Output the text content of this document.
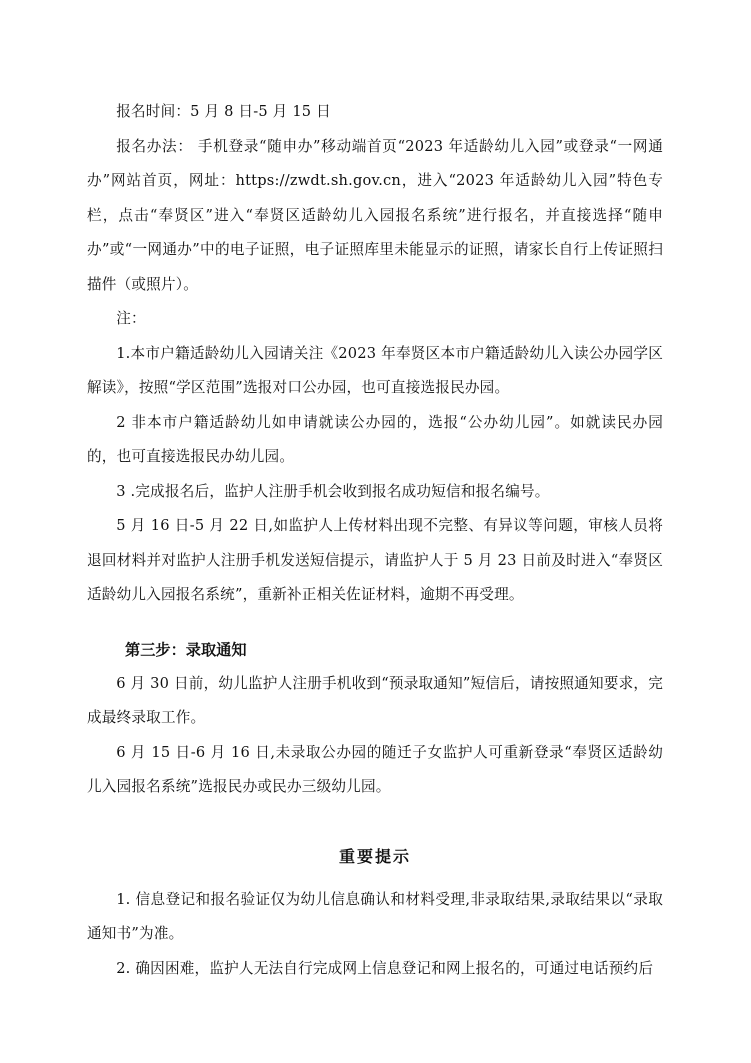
报名时间：5 月 8 日-5 月 15 日

报名办法： 手机登录“随申办”移动端首页“2023 年适龄幼儿入园”或登录“一网通办”网站首页，网址：https://zwdt.sh.gov.cn，进入“2023 年适龄幼儿入园”特色专栏，点击“奉贤区”进入“奉贤区适龄幼儿入园报名系统”进行报名，并直接选择“随申办”或“一网通办”中的电子证照，电子证照库里未能显示的证照，请家长自行上传证照扫描件（或照片）。

注：

1.本市户籍适龄幼儿入园请关注《2023 年奉贤区本市户籍适龄幼儿入读公办园学区解读》，按照“学区范围”选报对口公办园，也可直接选报民办园。

2 非本市户籍适龄幼儿如申请就读公办园的，选报“公办幼儿园”。如就读民办园的，也可直接选报民办幼儿园。

3 .完成报名后，监护人注册手机会收到报名成功短信和报名编号。

5 月 16 日-5 月 22 日,如监护人上传材料出现不完整、有异议等问题，审核人员将退回材料并对监护人注册手机发送短信提示，请监护人于 5 月 23 日前及时进入“奉贤区适龄幼儿入园报名系统”，重新补正相关佐证材料，逾期不再受理。

第三步：录取通知

6 月 30 日前，幼儿监护人注册手机收到“预录取通知”短信后，请按照通知要求，完成最终录取工作。

6 月 15 日-6 月 16 日,未录取公办园的随迁子女监护人可重新登录“奉贤区适龄幼儿入园报名系统”选报民办或民办三级幼儿园。

重要提示

1. 信息登记和报名验证仅为幼儿信息确认和材料受理,非录取结果,录取结果以“录取通知书”为准。

2. 确因困难，监护人无法自行完成网上信息登记和网上报名的，可通过电话预约后
